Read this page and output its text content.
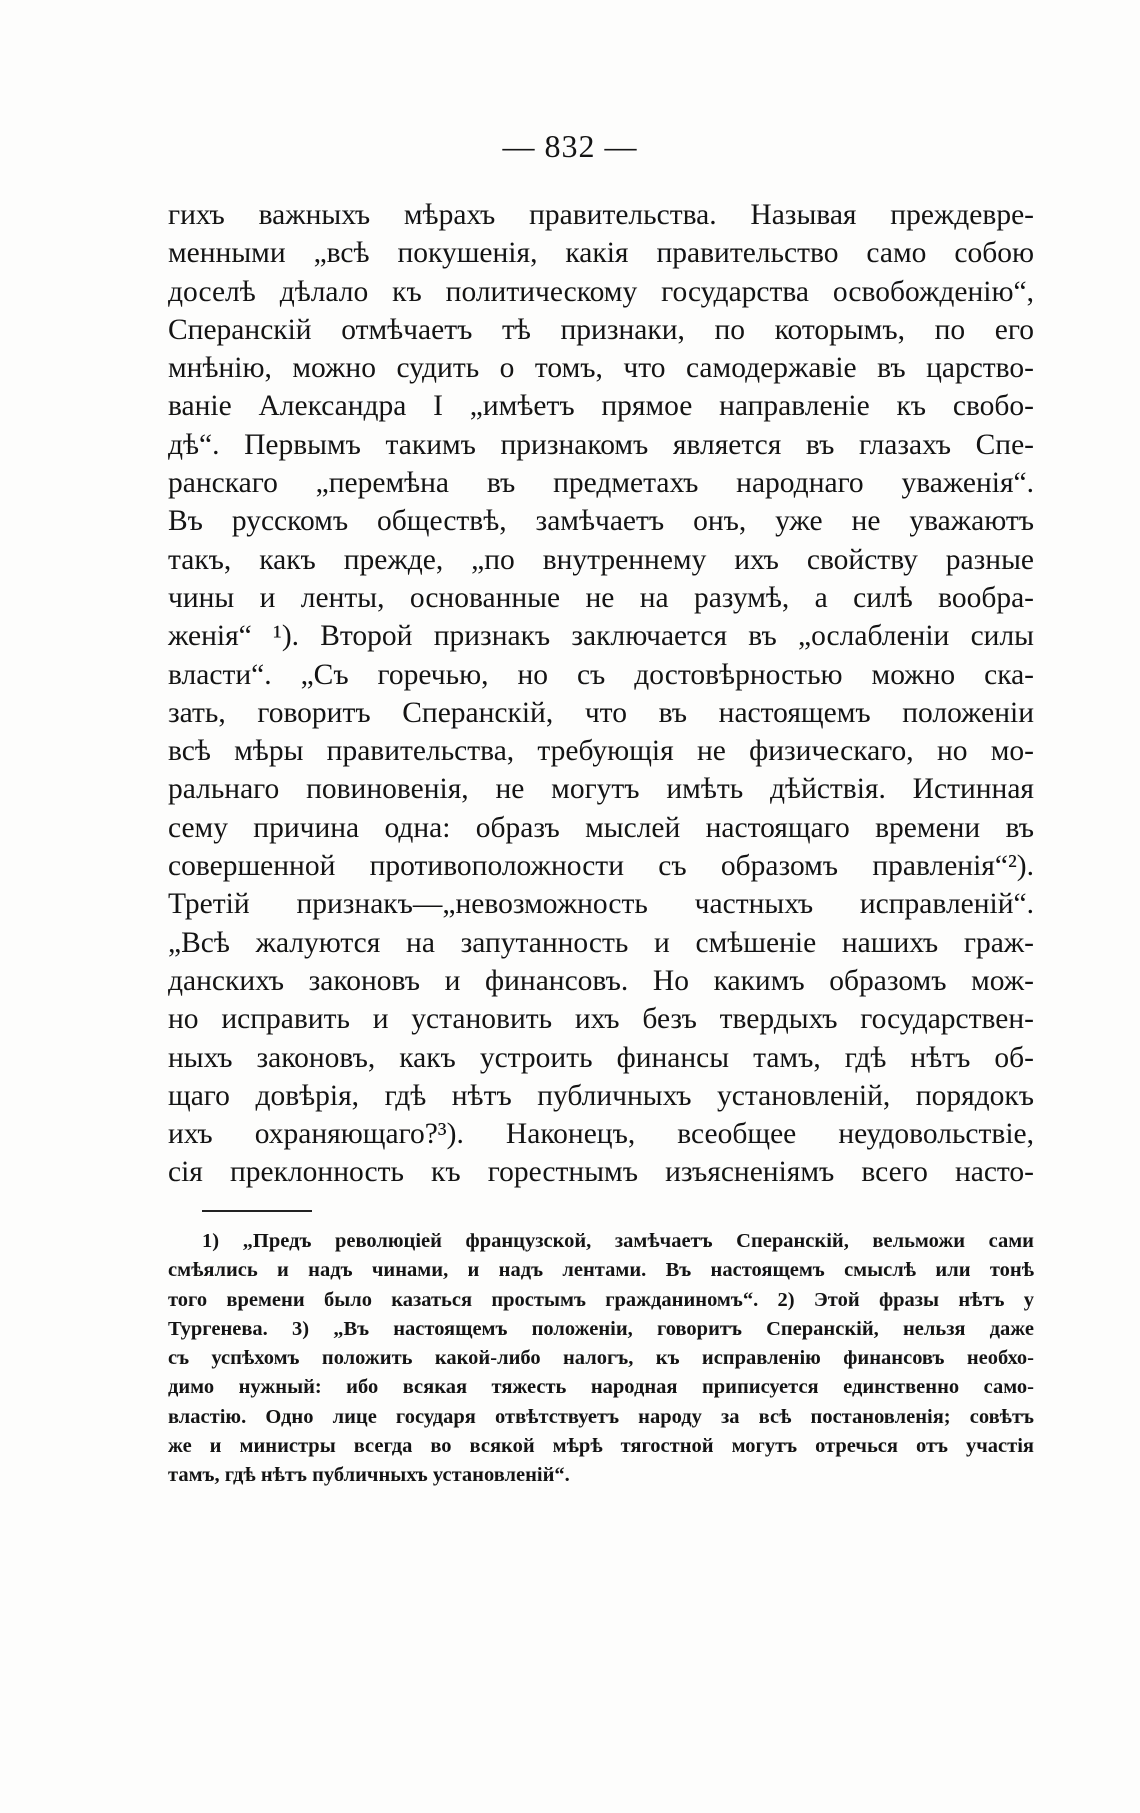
— 832 —
гихъ важныхъ мѣрахъ правительства. Называя преждевре-
менными „всѣ покушенія, какія правительство само собою
доселѣ дѣлало къ политическому государства освобожденію“,
Сперанскій отмѣчаетъ тѣ признаки, по которымъ, по его
мнѣнію, можно судить о томъ, что самодержавіе въ царство-
ваніе Александра I „имѣетъ прямое направленіе къ свобо-
дѣ“. Первымъ такимъ признакомъ является въ глазахъ Спе-
ранскаго „перемѣна въ предметахъ народнаго уваженія“.
Въ русскомъ обществѣ, замѣчаетъ онъ, уже не уважаютъ
такъ, какъ прежде, „по внутреннему ихъ свойству разные
чины и ленты, основанные не на разумѣ, а силѣ вообра-
женія“ ¹). Второй признакъ заключается въ „ослабленіи силы
власти“. „Съ горечью, но съ достовѣрностью можно ска-
зать, говоритъ Сперанскій, что въ настоящемъ положеніи
всѣ мѣры правительства, требующія не физическаго, но мо-
ральнаго повиновенія, не могутъ имѣть дѣйствія. Истинная
сему причина одна: образъ мыслей настоящаго времени въ
совершенной противоположности съ образомъ правленія“²).
Третій признакъ—„невозможность частныхъ исправленій“.
„Всѣ жалуются на запутанность и смѣшеніе нашихъ граж-
данскихъ законовъ и финансовъ. Но какимъ образомъ мож-
но исправить и установить ихъ безъ твердыхъ государствен-
ныхъ законовъ, какъ устроить финансы тамъ, гдѣ нѣтъ об-
щаго довѣрія, гдѣ нѣтъ публичныхъ установленій, порядокъ
ихъ охраняющаго?³). Наконецъ, всеобщее неудовольствіе,
сія преклонность къ горестнымъ изъясненіямъ всего насто-
1) „Предъ революціей французской, замѣчаетъ Сперанскій, вельможи сами
смѣялись и надъ чинами, и надъ лентами. Въ настоящемъ смыслѣ или тонѣ
того времени было казаться простымъ гражданиномъ“. 2) Этой фразы нѣтъ у
Тургенева. 3) „Въ настоящемъ положеніи, говоритъ Сперанскій, нельзя даже
съ успѣхомъ положить какой-либо налогъ, къ исправленію финансовъ необхо-
димо нужный: ибо всякая тяжесть народная приписуется единственно само-
властію. Одно лице государя отвѣтствуетъ народу за всѣ постановленія; совѣтъ
же и министры всегда во всякой мѣрѣ тягостной могутъ отречься отъ участія
тамъ, гдѣ нѣтъ публичныхъ установленій“.
